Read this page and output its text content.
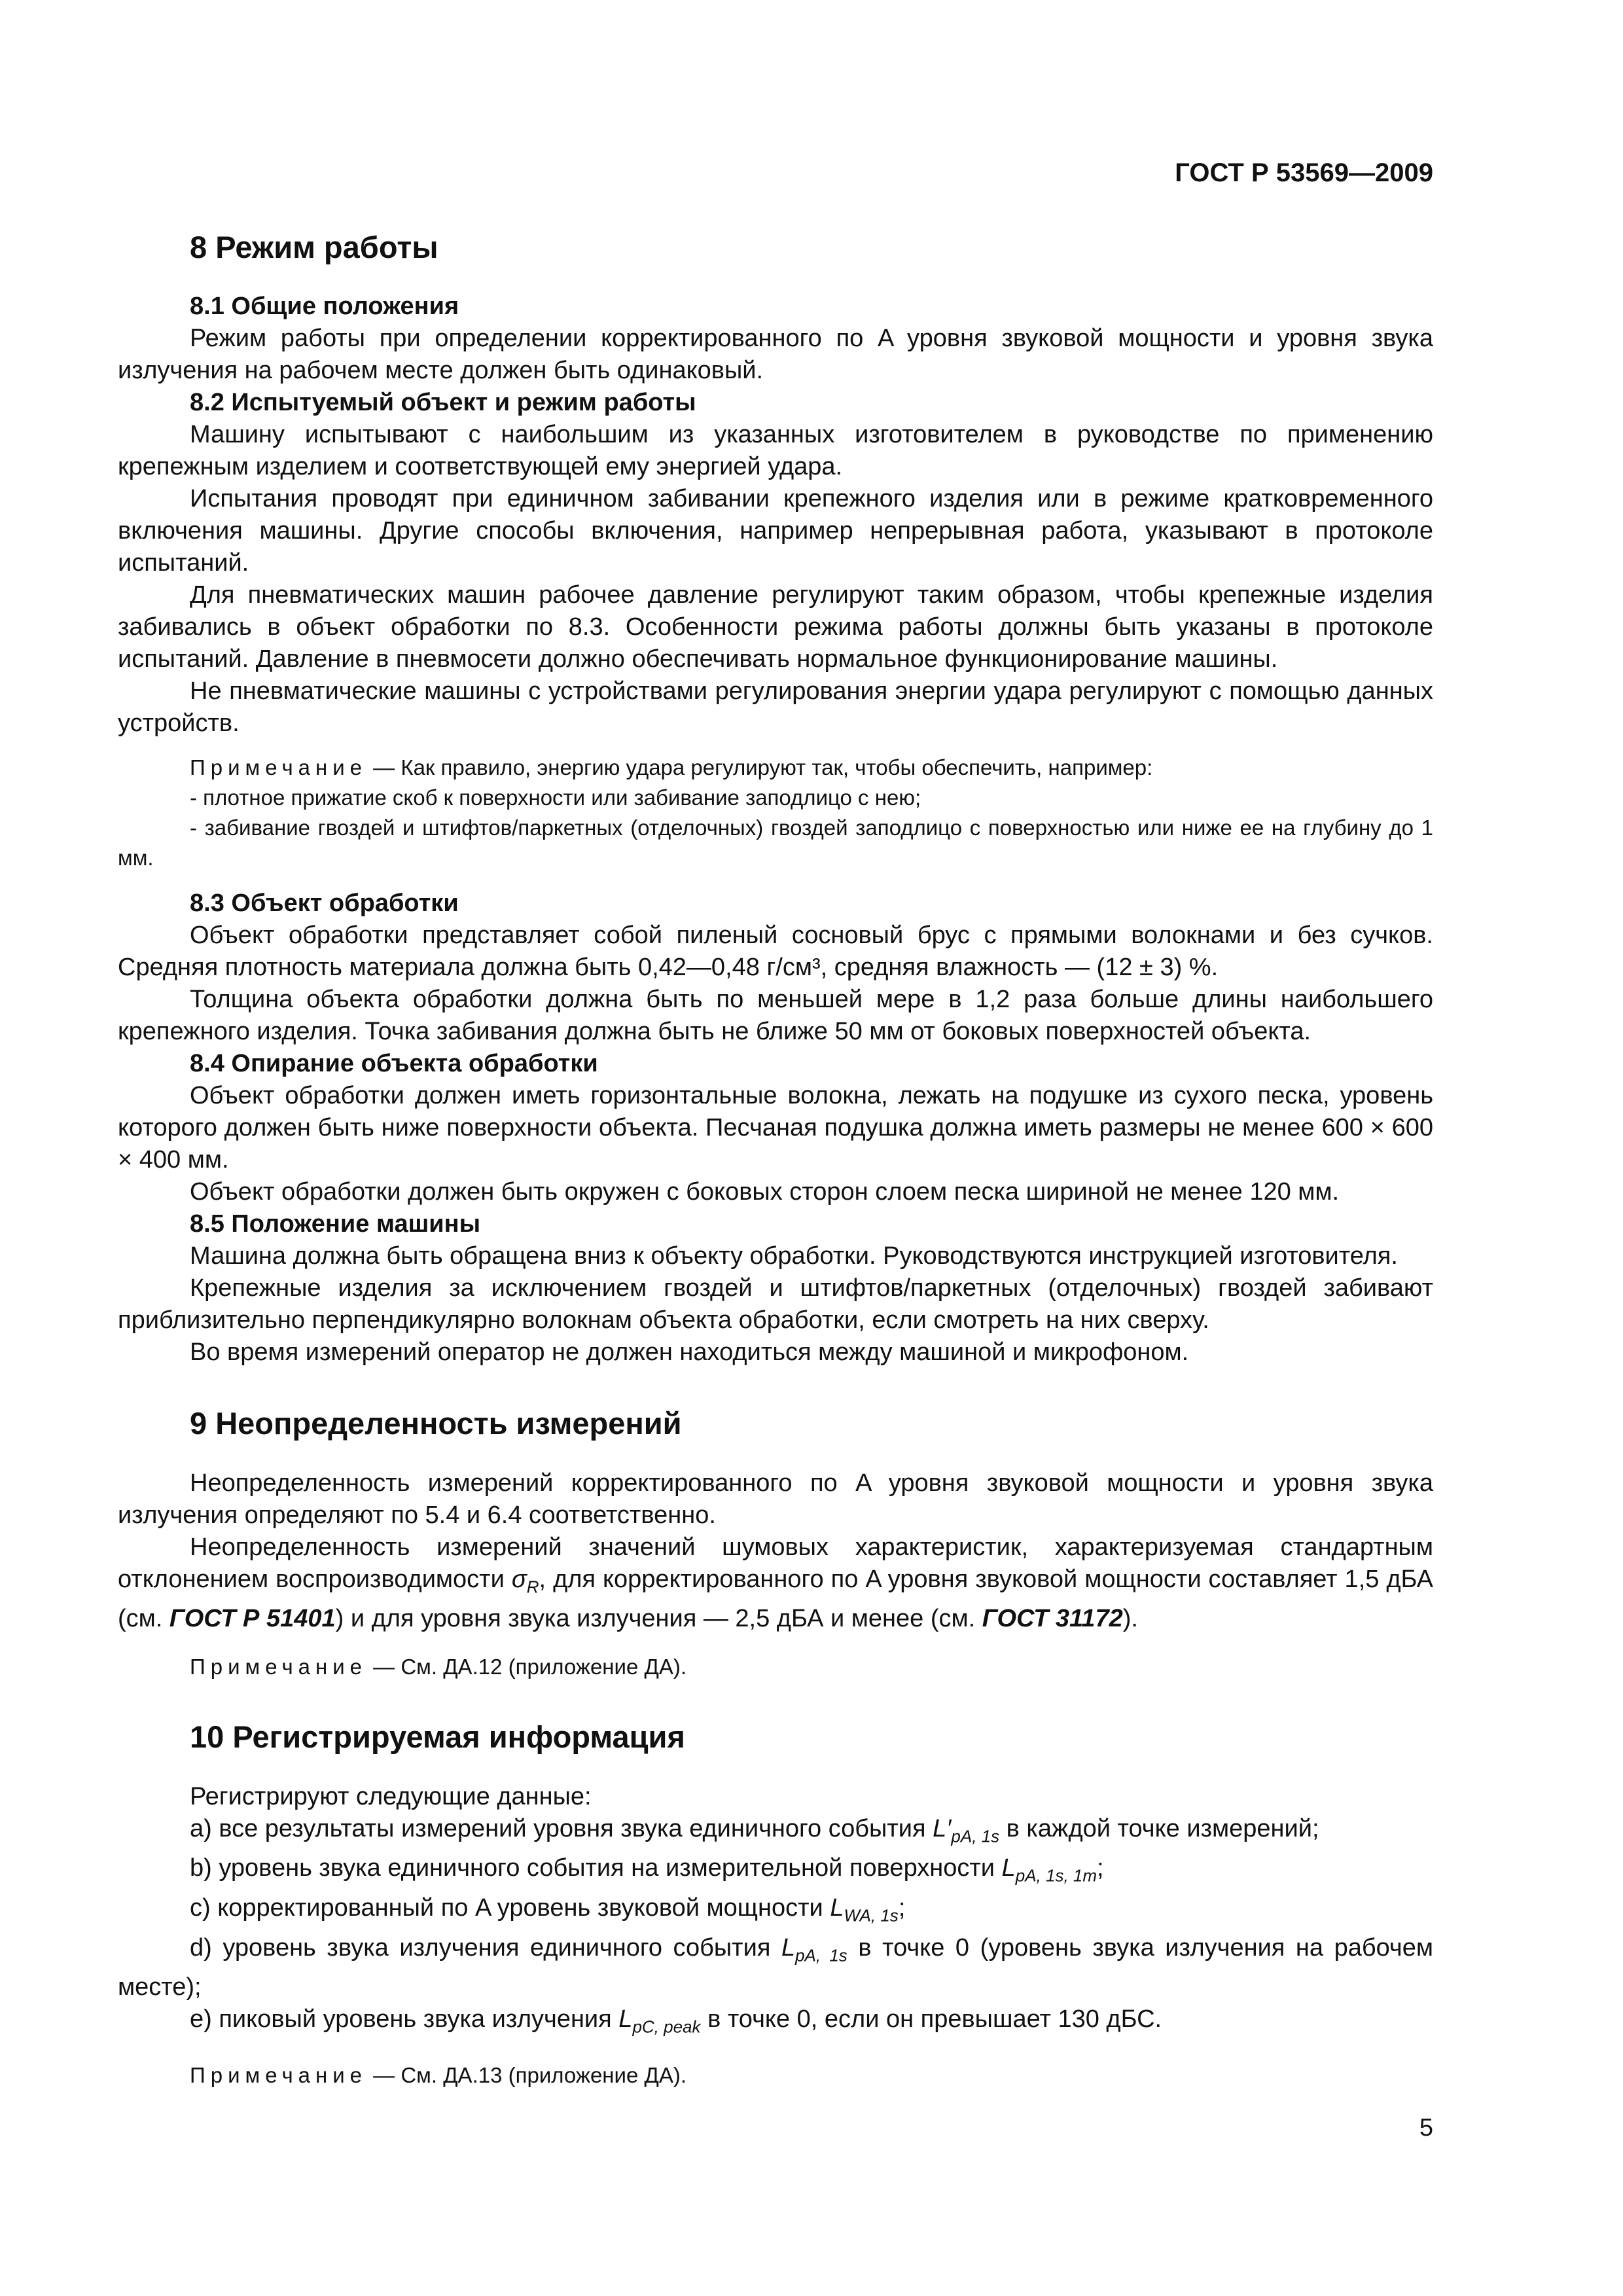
ГОСТ Р 53569—2009
8 Режим работы
8.1 Общие положения

Режим работы при определении корректированного по A уровня звуковой мощности и уровня звука излучения на рабочем месте должен быть одинаковый.

8.2 Испытуемый объект и режим работы

Машину испытывают с наибольшим из указанных изготовителем в руководстве по применению крепежным изделием и соответствующей ему энергией удара.

Испытания проводят при единичном забивании крепежного изделия или в режиме кратковременного включения машины. Другие способы включения, например непрерывная работа, указывают в протоколе испытаний.

Для пневматических машин рабочее давление регулируют таким образом, чтобы крепежные изделия забивались в объект обработки по 8.3. Особенности режима работы должны быть указаны в протоколе испытаний. Давление в пневмосети должно обеспечивать нормальное функционирование машины.

Не пневматические машины с устройствами регулирования энергии удара регулируют с помощью данных устройств.

Примечание — Как правило, энергию удара регулируют так, чтобы обеспечить, например:

- плотное прижатие скоб к поверхности или забивание заподлицо с нею;

- забивание гвоздей и штифтов/паркетных (отделочных) гвоздей заподлицо с поверхностью или ниже ее на глубину до 1 мм.

8.3 Объект обработки

Объект обработки представляет собой пиленый сосновый брус с прямыми волокнами и без сучков. Средняя плотность материала должна быть 0,42—0,48 г/см³, средняя влажность — (12 ± 3) %.

Толщина объекта обработки должна быть по меньшей мере в 1,2 раза больше длины наибольшего крепежного изделия. Точка забивания должна быть не ближе 50 мм от боковых поверхностей объекта.

8.4 Опирание объекта обработки

Объект обработки должен иметь горизонтальные волокна, лежать на подушке из сухого песка, уровень которого должен быть ниже поверхности объекта. Песчаная подушка должна иметь размеры не менее 600 × 600 × 400 мм.

Объект обработки должен быть окружен с боковых сторон слоем песка шириной не менее 120 мм.

8.5 Положение машины

Машина должна быть обращена вниз к объекту обработки. Руководствуются инструкцией изготовителя.

Крепежные изделия за исключением гвоздей и штифтов/паркетных (отделочных) гвоздей забивают приблизительно перпендикулярно волокнам объекта обработки, если смотреть на них сверху.

Во время измерений оператор не должен находиться между машиной и микрофоном.

9 Неопределенность измерений

Неопределенность измерений корректированного по A уровня звуковой мощности и уровня звука излучения определяют по 5.4 и 6.4 соответственно.

Неопределенность измерений значений шумовых характеристик, характеризуемая стандартным отклонением воспроизводимости $\sigma_R$, для корректированного по A уровня звуковой мощности составляет 1,5 дБА (см. ГОСТ Р 51401) и для уровня звука излучения — 2,5 дБА и менее (см. ГОСТ 31172).

Примечание — См. ДА.12 (приложение ДА).

10 Регистрируемая информация

Регистрируют следующие данные:

a) все результаты измерений уровня звука единичного события $L'_{pA, 1s}$ в каждой точке измерений;

b) уровень звука единичного события на измерительной поверхности $L_{pA, 1s, 1m}$;

c) корректированный по A уровень звуковой мощности $L_{WA, 1s}$;

d) уровень звука излучения единичного события $L_{pA, 1s}$ в точке 0 (уровень звука излучения на рабочем месте);

e) пиковый уровень звука излучения $L_{pC, peak}$ в точке 0, если он превышает 130 дБС.

Примечание — См. ДА.13 (приложение ДА).

5
